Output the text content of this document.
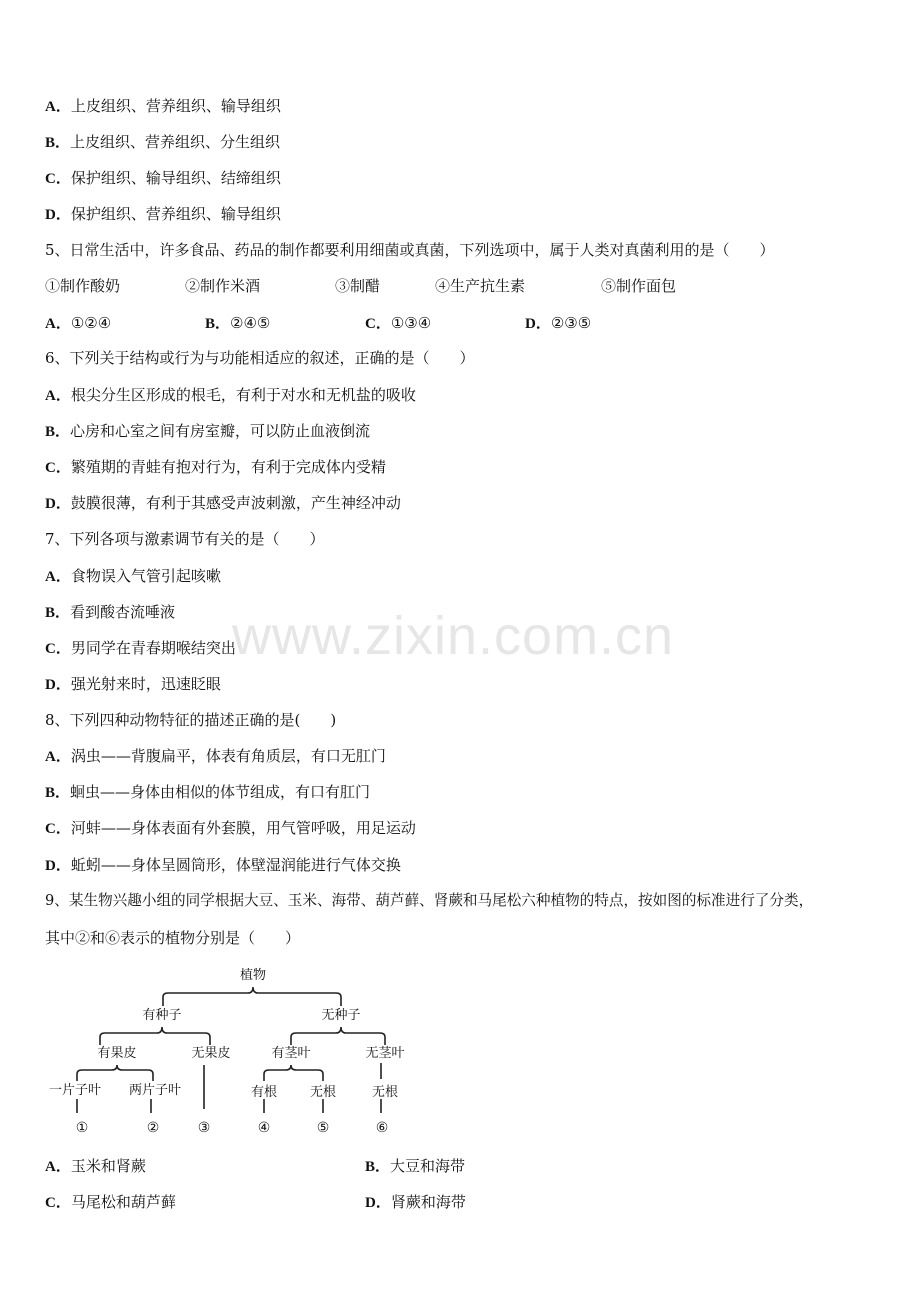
www.zixin.com.cn
A．上皮组织、营养组织、输导组织
B．上皮组织、营养组织、分生组织
C．保护组织、输导组织、结缔组织
D．保护组织、营养组织、输导组织
5、日常生活中，许多食品、药品的制作都要利用细菌或真菌，下列选项中，属于人类对真菌利用的是（　　）
①制作酸奶	②制作米酒	③制醋	④生产抗生素	⑤制作面包
A．①②④	B．②④⑤	C．①③④	D．②③⑤
6、下列关于结构或行为与功能相适应的叙述，正确的是（　　）
A．根尖分生区形成的根毛，有利于对水和无机盐的吸收
B．心房和心室之间有房室瓣，可以防止血液倒流
C．繁殖期的青蛙有抱对行为，有利于完成体内受精
D．鼓膜很薄，有利于其感受声波刺激，产生神经冲动
7、下列各项与激素调节有关的是（　　）
A．食物误入气管引起咳嗽
B．看到酸杏流唾液
C．男同学在青春期喉结突出
D．强光射来时，迅速眨眼
8、下列四种动物特征的描述正确的是(　　)
A．涡虫——背腹扁平，体表有角质层，有口无肛门
B．蛔虫——身体由相似的体节组成，有口有肛门
C．河蚌——身体表面有外套膜，用气管呼吸，用足运动
D．蚯蚓——身体呈圆筒形，体壁湿润能进行气体交换
9、某生物兴趣小组的同学根据大豆、玉米、海带、葫芦藓、肾蕨和马尾松六种植物的特点，按如图的标准进行了分类，
其中②和⑥表示的植物分别是（　　）
植物
有种子	无种子
有果皮	无果皮	有茎叶	无茎叶
一片子叶 两片子叶	有根	无根	无根
①	②	③	④	⑤	⑥
A．玉米和肾蕨	B．大豆和海带
C．马尾松和葫芦藓	D．肾蕨和海带
